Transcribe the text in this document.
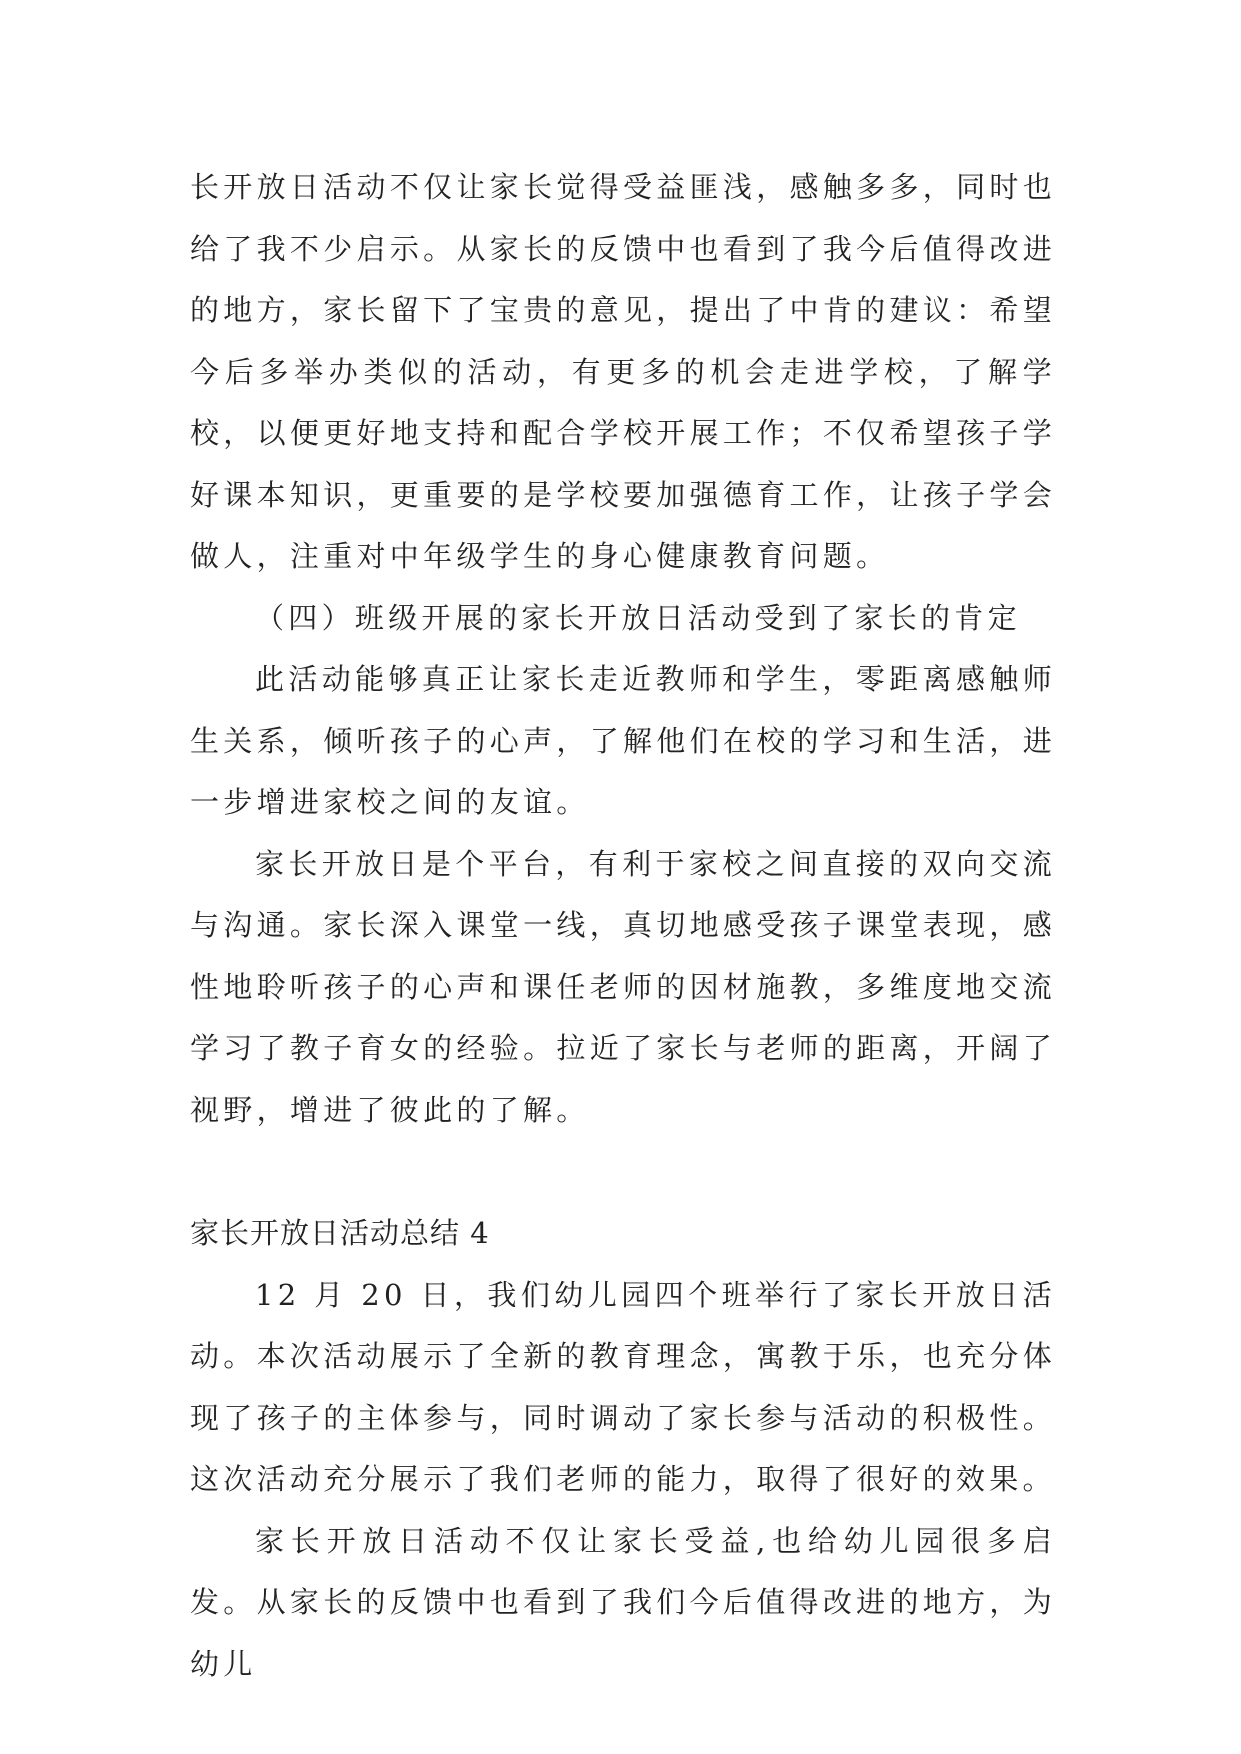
长开放日活动不仅让家长觉得受益匪浅，感触多多，同时也给了我不少启示。从家长的反馈中也看到了我今后值得改进的地方，家长留下了宝贵的意见，提出了中肯的建议：希望今后多举办类似的活动，有更多的机会走进学校，了解学校，以便更好地支持和配合学校开展工作；不仅希望孩子学好课本知识，更重要的是学校要加强德育工作，让孩子学会做人，注重对中年级学生的身心健康教育问题。

（四）班级开展的家长开放日活动受到了家长的肯定

此活动能够真正让家长走近教师和学生，零距离感触师生关系，倾听孩子的心声，了解他们在校的学习和生活，进一步增进家校之间的友谊。

家长开放日是个平台，有利于家校之间直接的双向交流与沟通。家长深入课堂一线，真切地感受孩子课堂表现，感性地聆听孩子的心声和课任老师的因材施教，多维度地交流学习了教子育女的经验。拉近了家长与老师的距离，开阔了视野，增进了彼此的了解。

家长开放日活动总结 4

12 月 20 日，我们幼儿园四个班举行了家长开放日活动。本次活动展示了全新的教育理念，寓教于乐，也充分体现了孩子的主体参与，同时调动了家长参与活动的积极性。这次活动充分展示了我们老师的能力，取得了很好的效果。

家长开放日活动不仅让家长受益,也给幼儿园很多启发。从家长的反馈中也看到了我们今后值得改进的地方，为幼儿
